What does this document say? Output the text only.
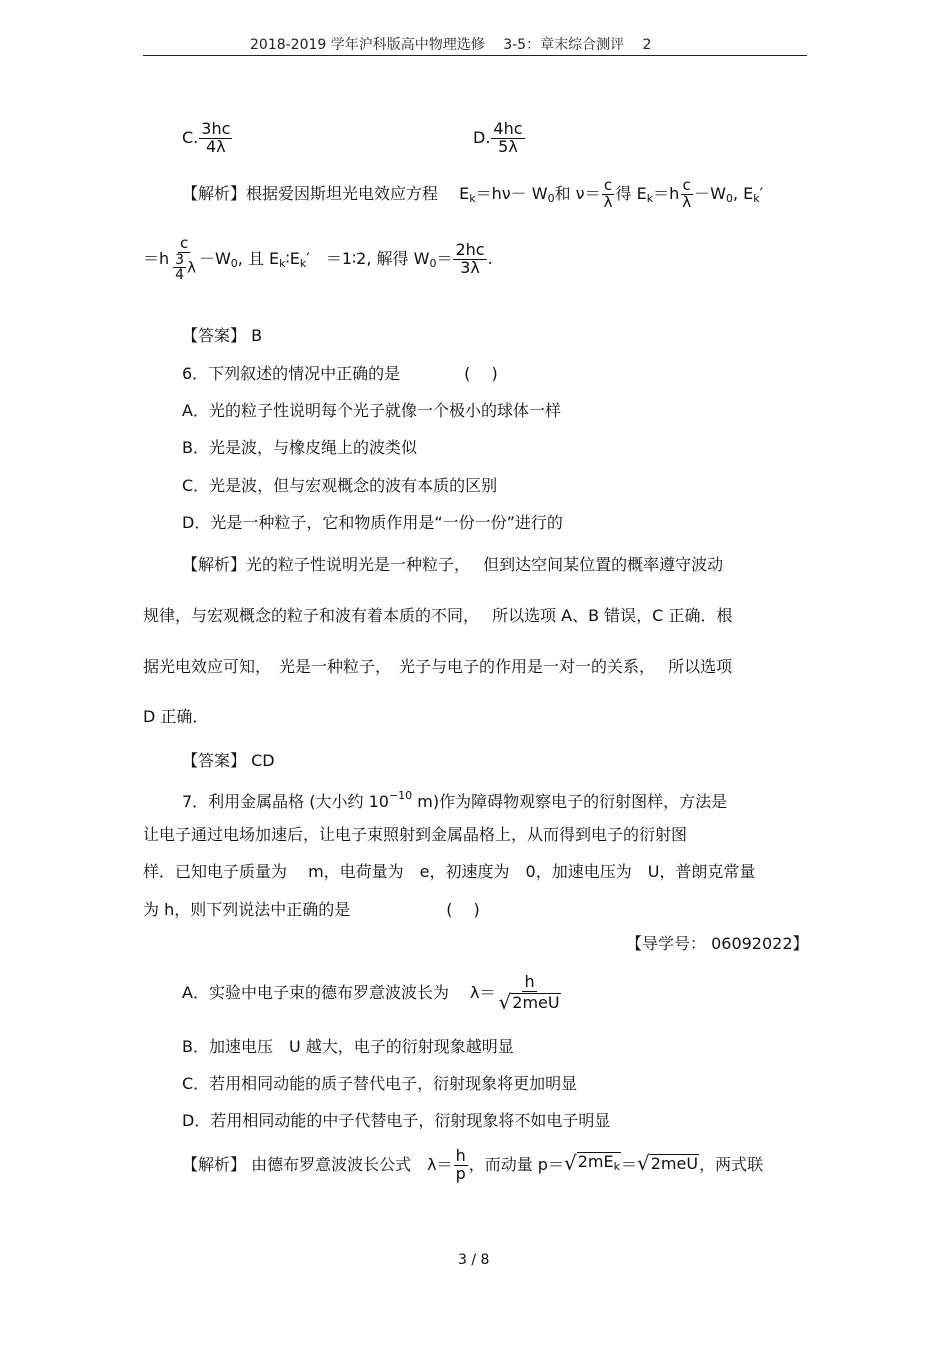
2018-2019 学年沪科版高中物理选修　 3-5：章末综合测评　 2
C. $\frac{3hc}{4\lambda}$	D. $\frac{4hc}{5\lambda}$
【解析】根据爱因斯坦光电效应方程　 $E_k=h\nu- W_0$和 $\nu= \frac{c}{\lambda}$ 得 $E_k=h \frac{c}{\lambda} -W_0$, $E_k'$
$=h \frac{c}{\frac{3}{4} \lambda} -W_0$, 且 $E_k∶E_k'$　＝1∶2, 解得 $W_0= \frac{2hc}{3\lambda}$ .
【答案】 B
6．下列叙述的情况中正确的是　　　　(　 )
A．光的粒子性说明每个光子就像一个极小的球体一样
B．光是波，与橡皮绳上的波类似
C．光是波，但与宏观概念的波有本质的区别
D．光是一种粒子，它和物质作用是“一份一份”进行的
【解析】光的粒子性说明光是一种粒子，　 但到达空间某位置的概率遵守波动
规律，与宏观概念的粒子和波有着本质的不同，　 所以选项 A、B 错误，C 正确．根
据光电效应可知，　光是一种粒子，　光子与电子的作用是一对一的关系，　 所以选项
D 正确．
【答案】 CD
7．利用金属晶格 (大小约 $10^{-10}$ m)作为障碍物观察电子的衍射图样，方法是
让电子通过电场加速后，让电子束照射到金属晶格上，从而得到电子的衍射图
样．已知电子质量为　 m，电荷量为　e，初速度为　0，加速电压为　U，普朗克常量
为 h，则下列说法中正确的是　　　　　　(　 )
【导学号： 06092022】
A．实验中电子束的德布罗意波波长为　 $\lambda= \frac{h}{\text{√ 2meU}}$
B．加速电压　U 越大，电子的衍射现象越明显
C．若用相同动能的质子替代电子，衍射现象将更加明显
D．若用相同动能的中子代替电子，衍射现象将不如电子明显
【解析】 由德布罗意波波长公式　$\lambda= \frac{h}{p}$ ，而动量 p＝ √ $2mE_k$ ＝ √ 2meU ，两式联
3 / 8
